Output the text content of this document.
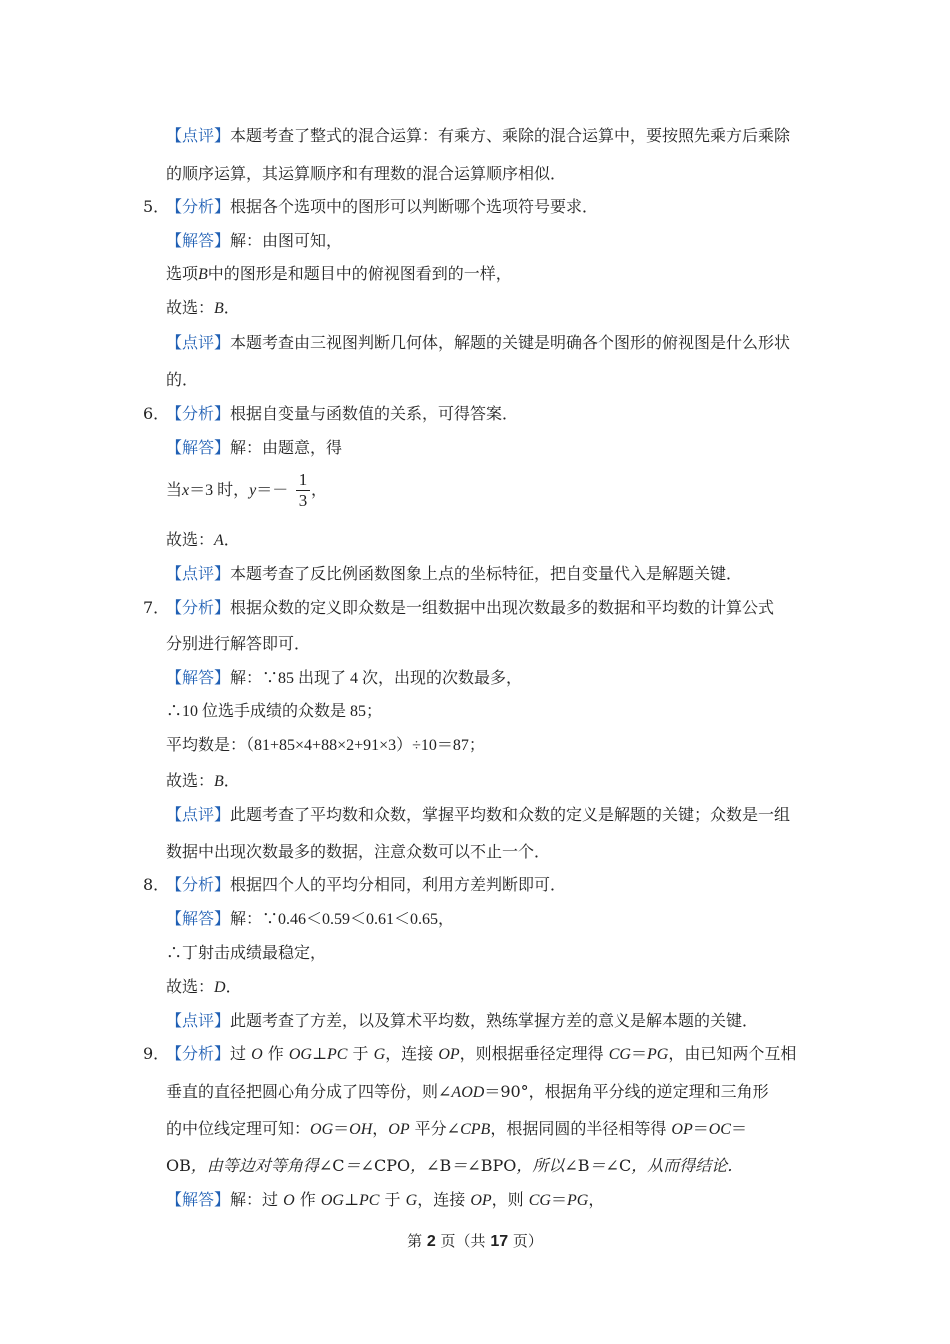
【点评】本题考查了整式的混合运算：有乘方、乘除的混合运算中，要按照先乘方后乘除
的顺序运算，其运算顺序和有理数的混合运算顺序相似．
5．
【分析】根据各个选项中的图形可以判断哪个选项符号要求．
【解答】解：由图可知，
选项B中的图形是和题目中的俯视图看到的一样，
故选：B．
【点评】本题考查由三视图判断几何体，解题的关键是明确各个图形的俯视图是什么形状
的．
6．
【分析】根据自变量与函数值的关系，可得答案．
【解答】解：由题意，得
当x＝3 时，y＝－
1
3
，
故选：A．
【点评】本题考查了反比例函数图象上点的坐标特征，把自变量代入是解题关键．
7．
【分析】根据众数的定义即众数是一组数据中出现次数最多的数据和平均数的计算公式
分别进行解答即可．
【解答】解：∵85 出现了 4 次，出现的次数最多，
∴10 位选手成绩的众数是 85；
平均数是：（81+85×4+88×2+91×3）÷10＝87；
故选：B．
【点评】此题考查了平均数和众数，掌握平均数和众数的定义是解题的关键；众数是一组
数据中出现次数最多的数据，注意众数可以不止一个．
8．
【分析】根据四个人的平均分相同，利用方差判断即可．
【解答】解：∵0.46＜0.59＜0.61＜0.65，
∴丁射击成绩最稳定，
故选：D．
【点评】此题考查了方差，以及算术平均数，熟练掌握方差的意义是解本题的关键．
9．
【分析】过 O 作 OG⊥PC 于 G，连接 OP，则根据垂径定理得 CG＝PG，由已知两个互相
垂直的直径把圆心角分成了四等份，则∠AOD＝90°，根据角平分线的逆定理和三角形
的中位线定理可知：OG＝OH，OP 平分∠CPB，根据同圆的半径相等得 OP＝OC＝
OB，由等边对等角得∠C＝∠CPO，∠B＝∠BPO，所以∠B＝∠C，从而得结论．
【解答】解：过 O 作 OG⊥PC 于 G，连接 OP，则 CG＝PG，
第 2 页（共 17 页）
